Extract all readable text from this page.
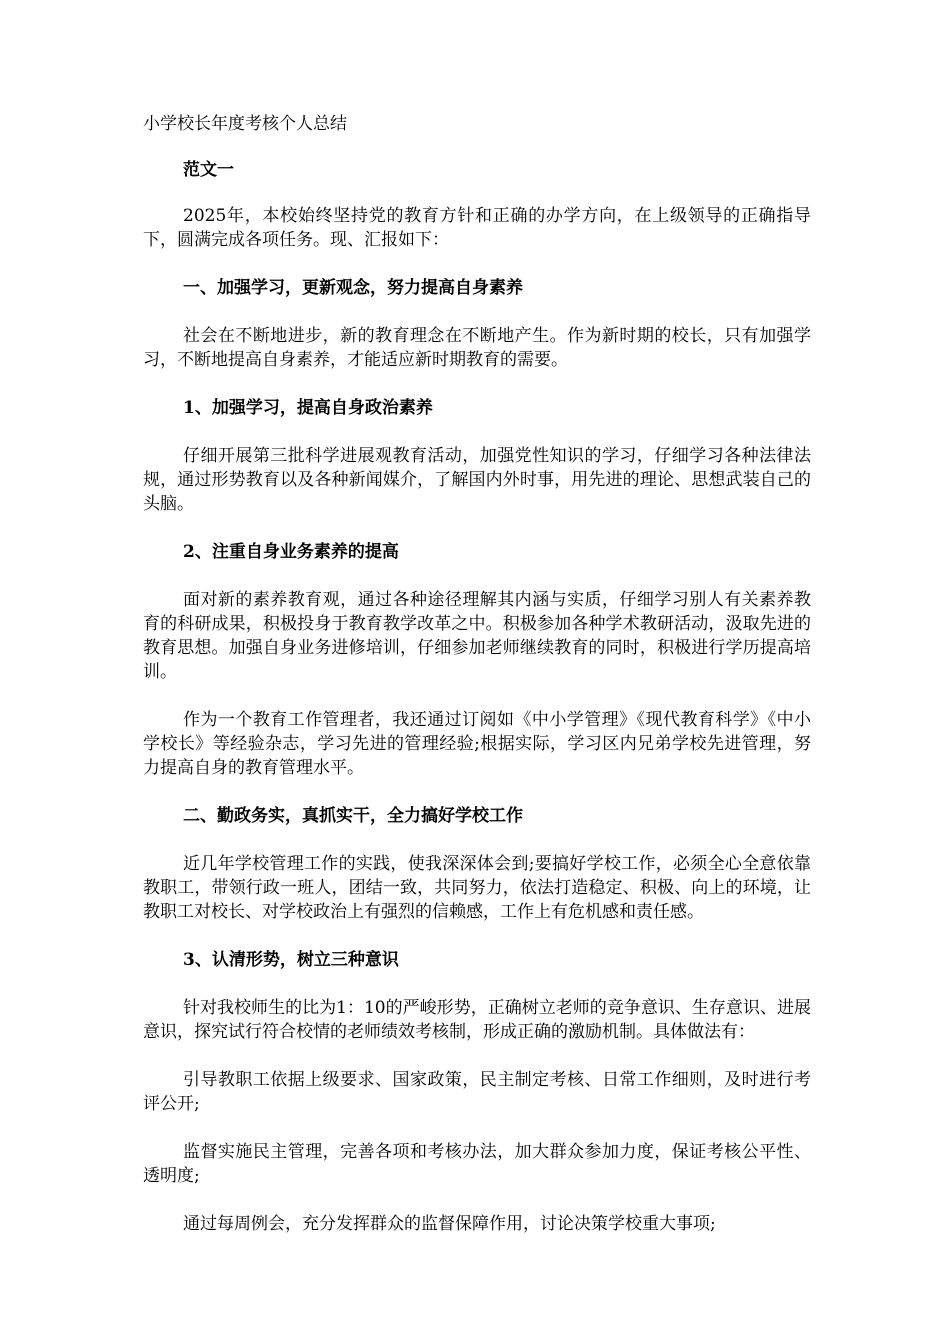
小学校长年度考核个人总结
范文一
2025年，本校始终坚持党的教育方针和正确的办学方向，在上级领导的正确指导下，圆满完成各项任务。现、汇报如下：
一、加强学习，更新观念，努力提高自身素养
社会在不断地进步，新的教育理念在不断地产生。作为新时期的校长，只有加强学习，不断地提高自身素养，才能适应新时期教育的需要。
1、加强学习，提高自身政治素养
仔细开展第三批科学进展观教育活动，加强党性知识的学习，仔细学习各种法律法规，通过形势教育以及各种新闻媒介，了解国内外时事，用先进的理论、思想武装自己的头脑。
2、注重自身业务素养的提高
面对新的素养教育观，通过各种途径理解其内涵与实质，仔细学习别人有关素养教育的科研成果，积极投身于教育教学改革之中。积极参加各种学术教研活动，汲取先进的教育思想。加强自身业务进修培训，仔细参加老师继续教育的同时，积极进行学历提高培训。
作为一个教育工作管理者，我还通过订阅如《中小学管理》《现代教育科学》《中小学校长》等经验杂志，学习先进的管理经验;根据实际，学习区内兄弟学校先进管理，努力提高自身的教育管理水平。
二、勤政务实，真抓实干，全力搞好学校工作
近几年学校管理工作的实践，使我深深体会到;要搞好学校工作，必须全心全意依靠教职工，带领行政一班人，团结一致，共同努力，依法打造稳定、积极、向上的环境，让教职工对校长、对学校政治上有强烈的信赖感，工作上有危机感和责任感。
3、认清形势，树立三种意识
针对我校师生的比为1：10的严峻形势，正确树立老师的竞争意识、生存意识、进展意识，探究试行符合校情的老师绩效考核制，形成正确的激励机制。具体做法有：
引导教职工依据上级要求、国家政策，民主制定考核、日常工作细则，及时进行考评公开;
监督实施民主管理，完善各项和考核办法，加大群众参加力度，保证考核公平性、透明度;
通过每周例会，充分发挥群众的监督保障作用，讨论决策学校重大事项;
